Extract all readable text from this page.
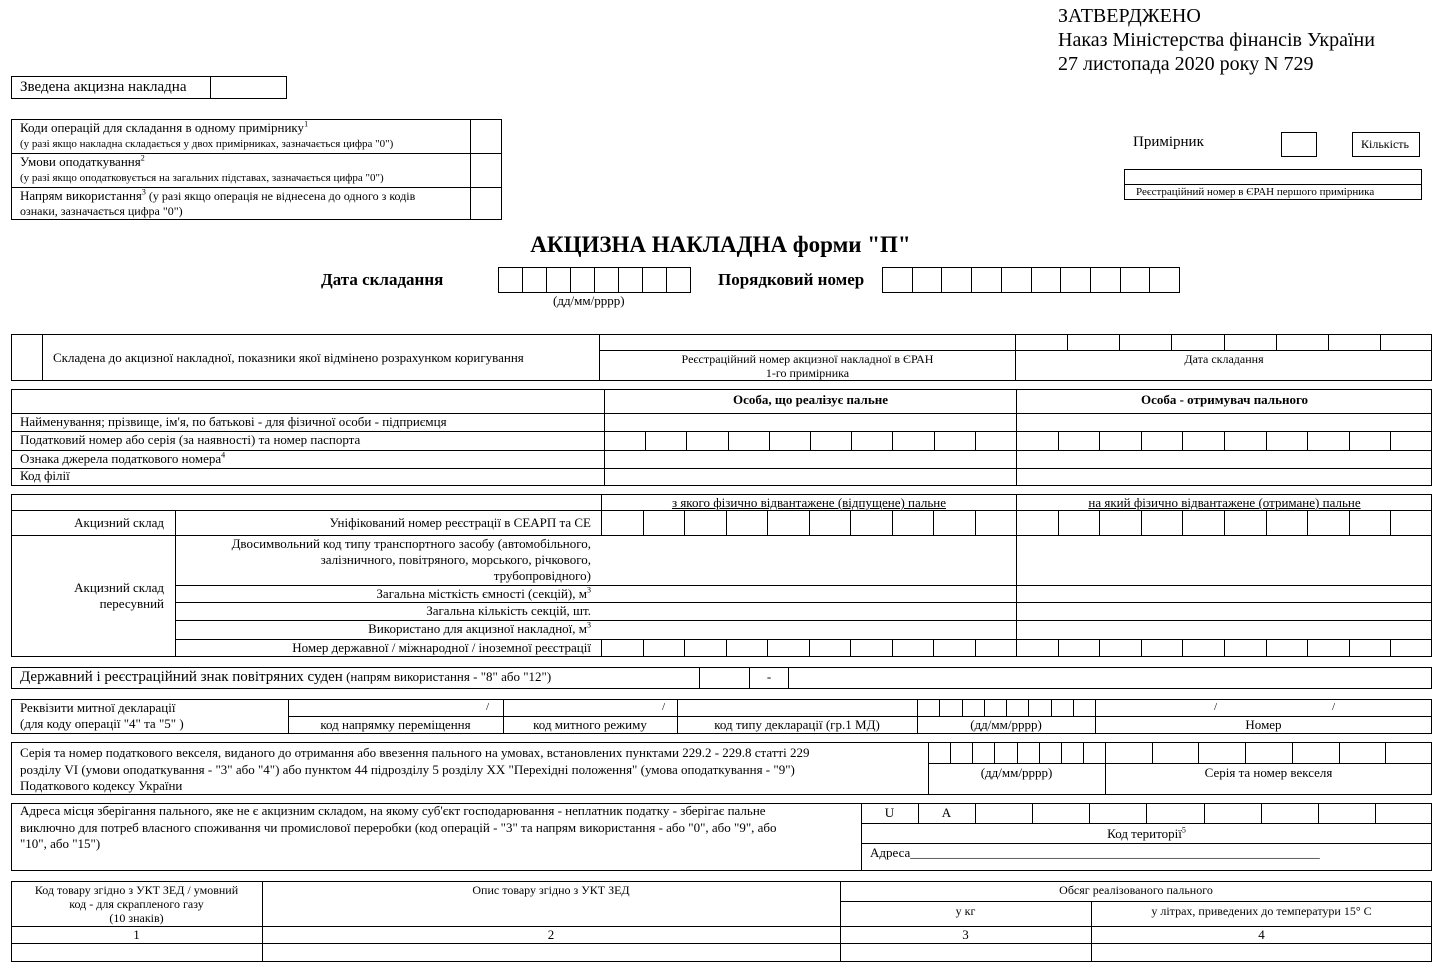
ЗАТВЕРДЖЕНО
Наказ Міністерства фінансів України
27 листопада 2020 року N 729
Зведена акцизна накладна
Коди операцій для складання в одному примірнику$^1$
(у разі якщо накладна складається у двох примірниках, зазначається цифра "0")
Умови оподаткування$^2$
(у разі якщо оподатковується на загальних підставах, зазначається цифра "0")
Напрям використання$^3$ (у разі якщо операція не віднесена до одного з кодів
ознаки, зазначається цифра "0")
Примірник	Кількість
Реєстраційний номер в ЄРАН першого примірника
АКЦИЗНА НАКЛАДНА форми "П"
Дата складання
(дд/мм/рррр)
Порядковий номер
Складена до акцизної накладної, показники якої відмінено розрахунком коригування	Реєстраційний номер акцизної накладної в ЄРАН
1-го примірника
Дата складання
Особа, що реалізує пальне	Особа - отримувач пального
Найменування; прізвище, ім'я, по батькові - для фізичної особи - підприємця
Податковий номер або серія (за наявності) та номер паспорта
Ознака джерела податкового номера$^4$
Код філії
з якого фізично відвантажене (відпущене) пальне	на який фізично відвантажене (отримане) пальне
Акцизний склад	Уніфікований номер реєстрації в СЕАРП та СЕ
Акцизний склад
пересувний
Двосимвольний код типу транспортного засобу (автомобільного,
залізничного, повітряного, морського, річкового,
трубопровідного)
Загальна місткість ємності (секцій), $м^3$
Загальна кількість секцій, шт.
Використано для акцизної накладної, $м^3$
Номер державної / міжнародної / іноземної реєстрації
Державний і реєстраційний знак повітряних суден (напрям використання - "8" або "12")	-
Реквізити митної декларації
(для коду операції "4" та "5" )
/	/	/	/
код напрямку переміщення	код митного режиму	код типу декларації (гр.1 МД)	(дд/мм/рррр)	Номер
Серія та номер податкового векселя, виданого до отримання або ввезення пального на умовах, встановлених пунктами 229.2 - 229.8 статті 229
розділу VI (умови оподаткування - "3" або "4") або пунктом 44 підрозділу 5 розділу XX "Перехідні положення" (умова оподаткування - "9")
Податкового кодексу України
(дд/мм/рррр)	Серія та номер векселя
Адреса місця зберігання пального, яке не є акцизним складом, на якому суб'єкт господарювання - неплатник податку - зберігає пальне
виключно для потреб власного споживання чи промислової переробки (код операцій - "3" та напрям використання - або "0", або "9", або
"10", або "15")
U	A
Код території$^5$
Адреса_______________________________________________________________
Код товару згідно з УКТ ЗЕД / умовний
код - для скрапленого газу
(10 знаків)
Опис товару згідно з УКТ ЗЕД	Обсяг реалізованого пального
у кг	у літрах, приведених до температури 15° С
1	2	3	4
